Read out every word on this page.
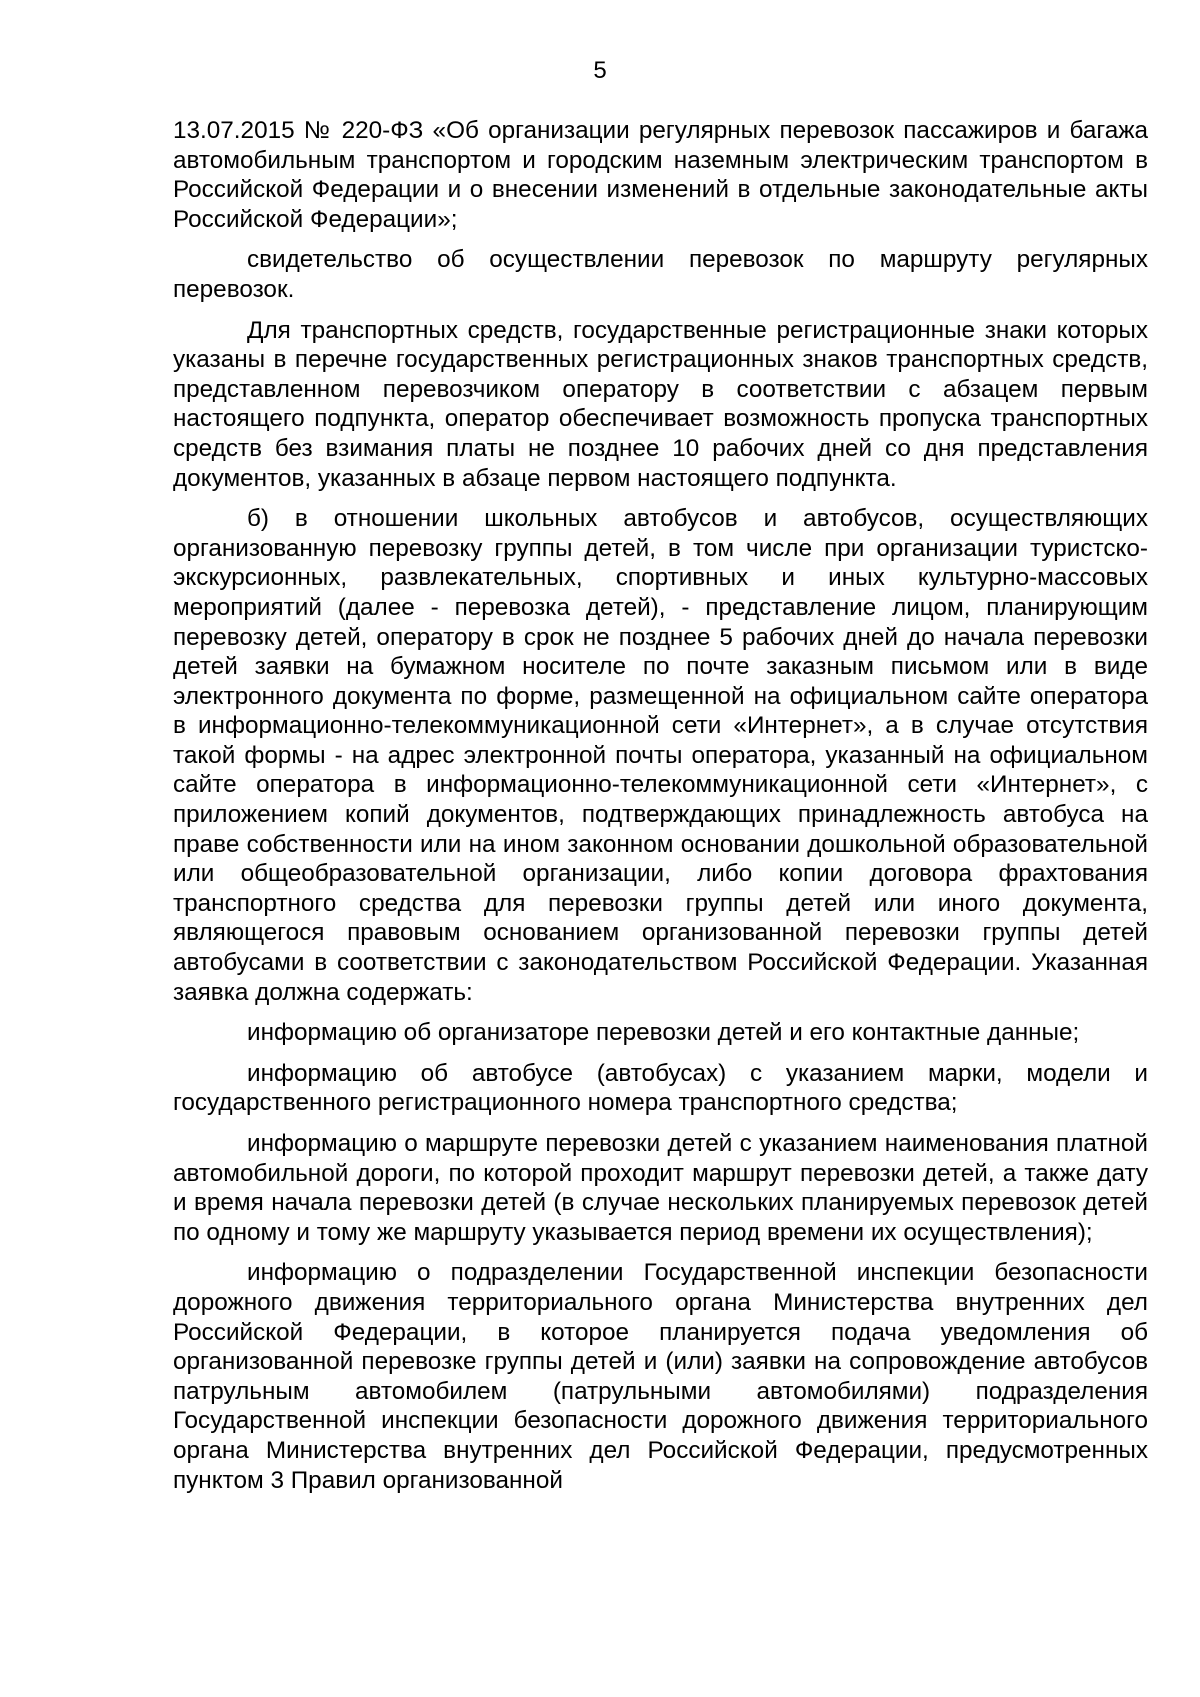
5

13.07.2015 № 220-ФЗ «Об организации регулярных перевозок пассажиров и багажа автомобильным транспортом и городским наземным электрическим транспортом в Российской Федерации и о внесении изменений в отдельные законодательные акты Российской Федерации»;

свидетельство об осуществлении перевозок по маршруту регулярных перевозок.

Для транспортных средств, государственные регистрационные знаки которых указаны в перечне государственных регистрационных знаков транспортных средств, представленном перевозчиком оператору в соответствии с абзацем первым настоящего подпункта, оператор обеспечивает возможность пропуска транспортных средств без взимания платы не позднее 10 рабочих дней со дня представления документов, указанных в абзаце первом настоящего подпункта.

б) в отношении школьных автобусов и автобусов, осуществляющих организованную перевозку группы детей, в том числе при организации туристско-экскурсионных, развлекательных, спортивных и иных культурно-массовых мероприятий (далее - перевозка детей), - представление лицом, планирующим перевозку детей, оператору в срок не позднее 5 рабочих дней до начала перевозки детей заявки на бумажном носителе по почте заказным письмом или в виде электронного документа по форме, размещенной на официальном сайте оператора в информационно-телекоммуникационной сети «Интернет», а в случае отсутствия такой формы - на адрес электронной почты оператора, указанный на официальном сайте оператора в информационно-телекоммуникационной сети «Интернет», с приложением копий документов, подтверждающих принадлежность автобуса на праве собственности или на ином законном основании дошкольной образовательной или общеобразовательной организации, либо копии договора фрахтования транспортного средства для перевозки группы детей или иного документа, являющегося правовым основанием организованной перевозки группы детей автобусами в соответствии с законодательством Российской Федерации. Указанная заявка должна содержать:

информацию об организаторе перевозки детей и его контактные данные;

информацию об автобусе (автобусах) с указанием марки, модели и государственного регистрационного номера транспортного средства;

информацию о маршруте перевозки детей с указанием наименования платной автомобильной дороги, по которой проходит маршрут перевозки детей, а также дату и время начала перевозки детей (в случае нескольких планируемых перевозок детей по одному и тому же маршруту указывается период времени их осуществления);

информацию о подразделении Государственной инспекции безопасности дорожного движения территориального органа Министерства внутренних дел Российской Федерации, в которое планируется подача уведомления об организованной перевозке группы детей и (или) заявки на сопровождение автобусов патрульным автомобилем (патрульными автомобилями) подразделения Государственной инспекции безопасности дорожного движения территориального органа Министерства внутренних дел Российской Федерации, предусмотренных пунктом 3 Правил организованной
